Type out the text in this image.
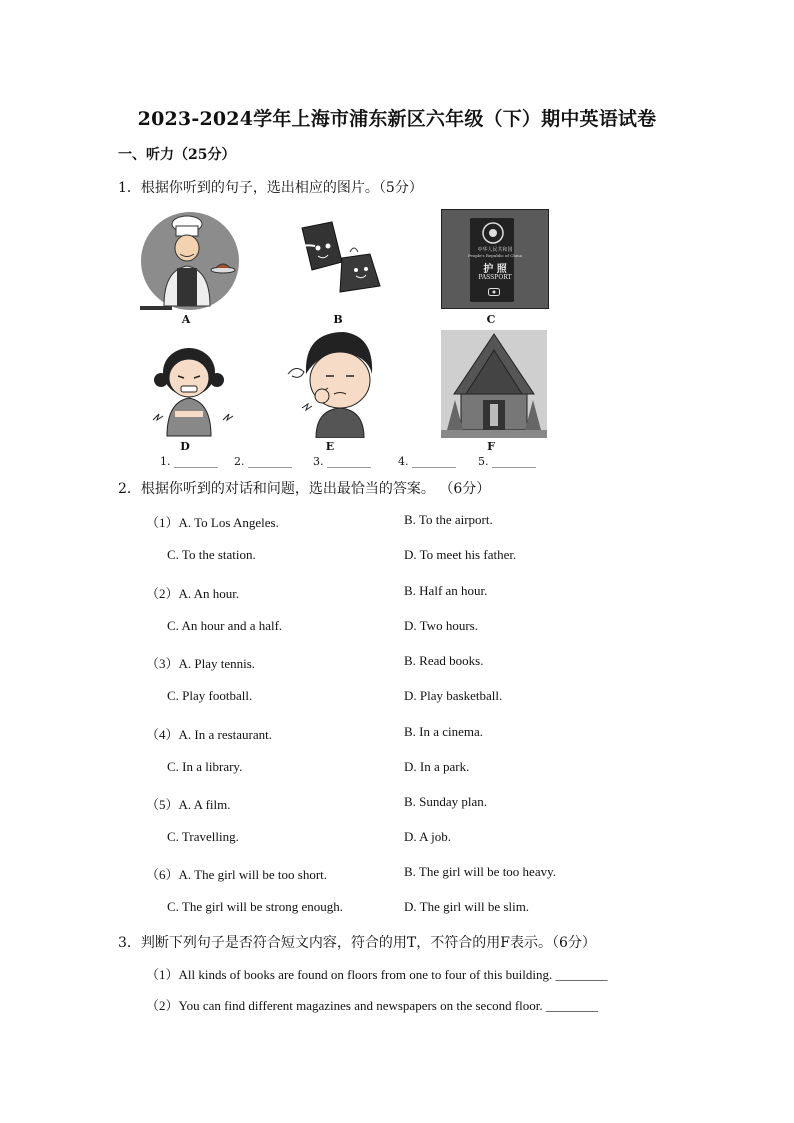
2023-2024学年上海市浦东新区六年级（下）期中英语试卷
一、听力（25分）
1．根据你听到的句子，选出相应的图片。（5分）
A	B
中华人民共和国
People's Republic of China
护 照
PASSPORT
C
D	E	F
1. ________ 2. ________ 3. ________ 4. ________ 5. ________
2．根据你听到的对话和问题，选出最恰当的答案。 （6分）
（1）A. To Los Angeles.	B. To the airport.
C. To the station.	D. To meet his father.
（2）A. An hour.	B. Half an hour.
C. An hour and a half.	D. Two hours.
（3）A. Play tennis.	B. Read books.
C. Play football.	D. Play basketball.
（4）A. In a restaurant.	B. In a cinema.
C. In a library.	D. In a park.
（5）A. A film.	B. Sunday plan.
C. Travelling.	D. A job.
（6）A. The girl will be too short.	B. The girl will be too heavy.
C. The girl will be strong enough.	D. The girl will be slim.
3．判断下列句子是否符合短文内容，符合的用T，不符合的用F表示。（6分）
（1）All kinds of books are found on floors from one to four of this building. ________
（2）You can find different magazines and newspapers on the second floor. ________
